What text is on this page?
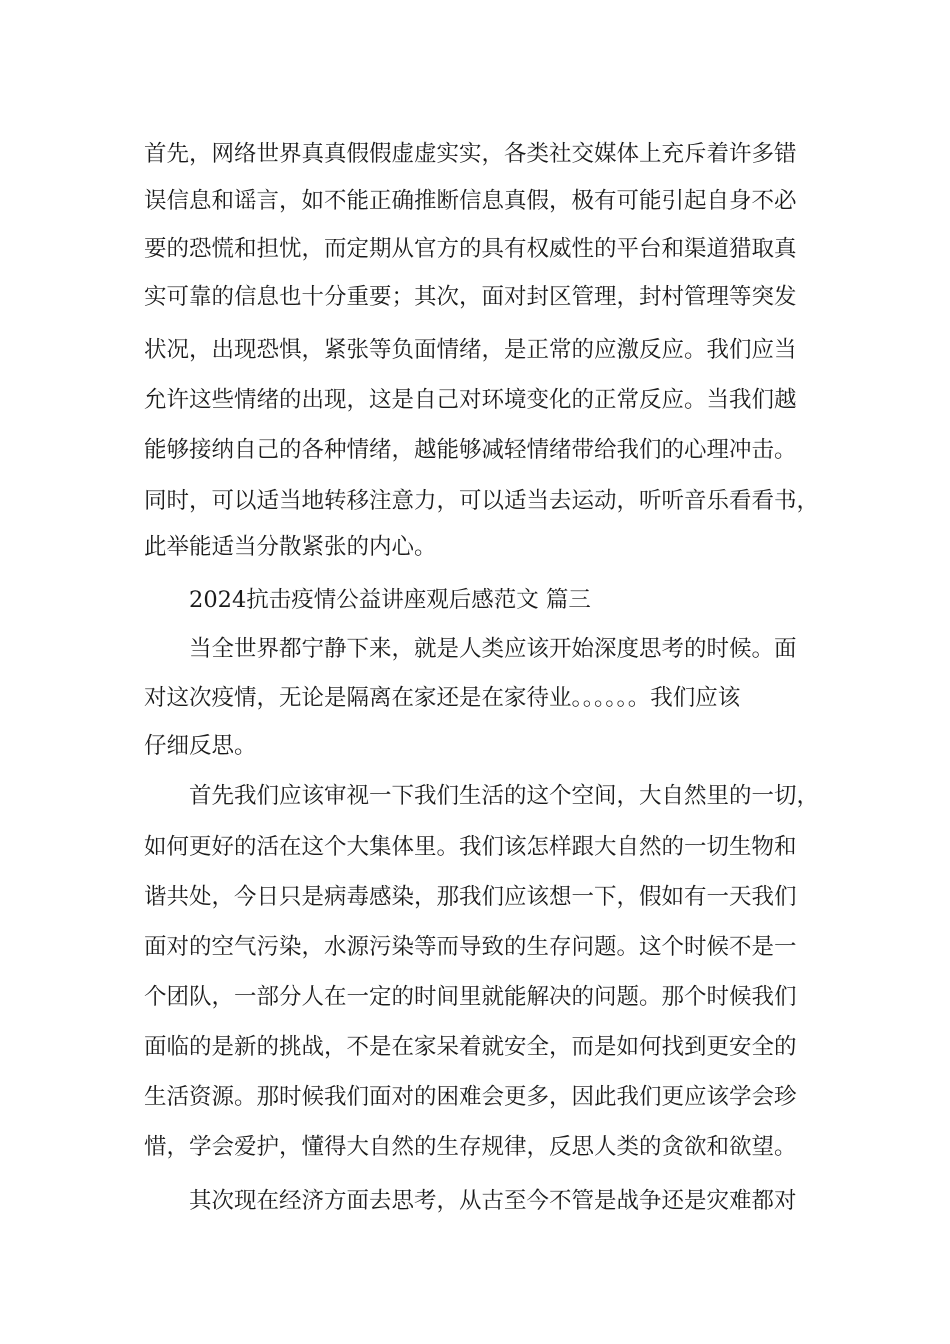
首先，网络世界真真假假虚虚实实，各类社交媒体上充斥着许多错
误信息和谣言，如不能正确推断信息真假，极有可能引起自身不必
要的恐慌和担忧，而定期从官方的具有权威性的平台和渠道猎取真
实可靠的信息也十分重要；其次，面对封区管理，封村管理等突发
状况，出现恐惧，紧张等负面情绪，是正常的应激反应。我们应当
允许这些情绪的出现，这是自己对环境变化的正常反应。当我们越
能够接纳自己的各种情绪，越能够减轻情绪带给我们的心理冲击。
同时，可以适当地转移注意力，可以适当去运动，听听音乐看看书，
此举能适当分散紧张的内心。
2024抗击疫情公益讲座观后感范文 篇三
当全世界都宁静下来，就是人类应该开始深度思考的时候。面
对这次疫情，无论是隔离在家还是在家待业。。。。。。我们应该
仔细反思。
首先我们应该审视一下我们生活的这个空间，大自然里的一切，
如何更好的活在这个大集体里。我们该怎样跟大自然的一切生物和
谐共处，今日只是病毒感染，那我们应该想一下，假如有一天我们
面对的空气污染，水源污染等而导致的生存问题。这个时候不是一
个团队，一部分人在一定的时间里就能解决的问题。那个时候我们
面临的是新的挑战，不是在家呆着就安全，而是如何找到更安全的
生活资源。那时候我们面对的困难会更多，因此我们更应该学会珍
惜，学会爱护，懂得大自然的生存规律，反思人类的贪欲和欲望。
其次现在经济方面去思考，从古至今不管是战争还是灾难都对
